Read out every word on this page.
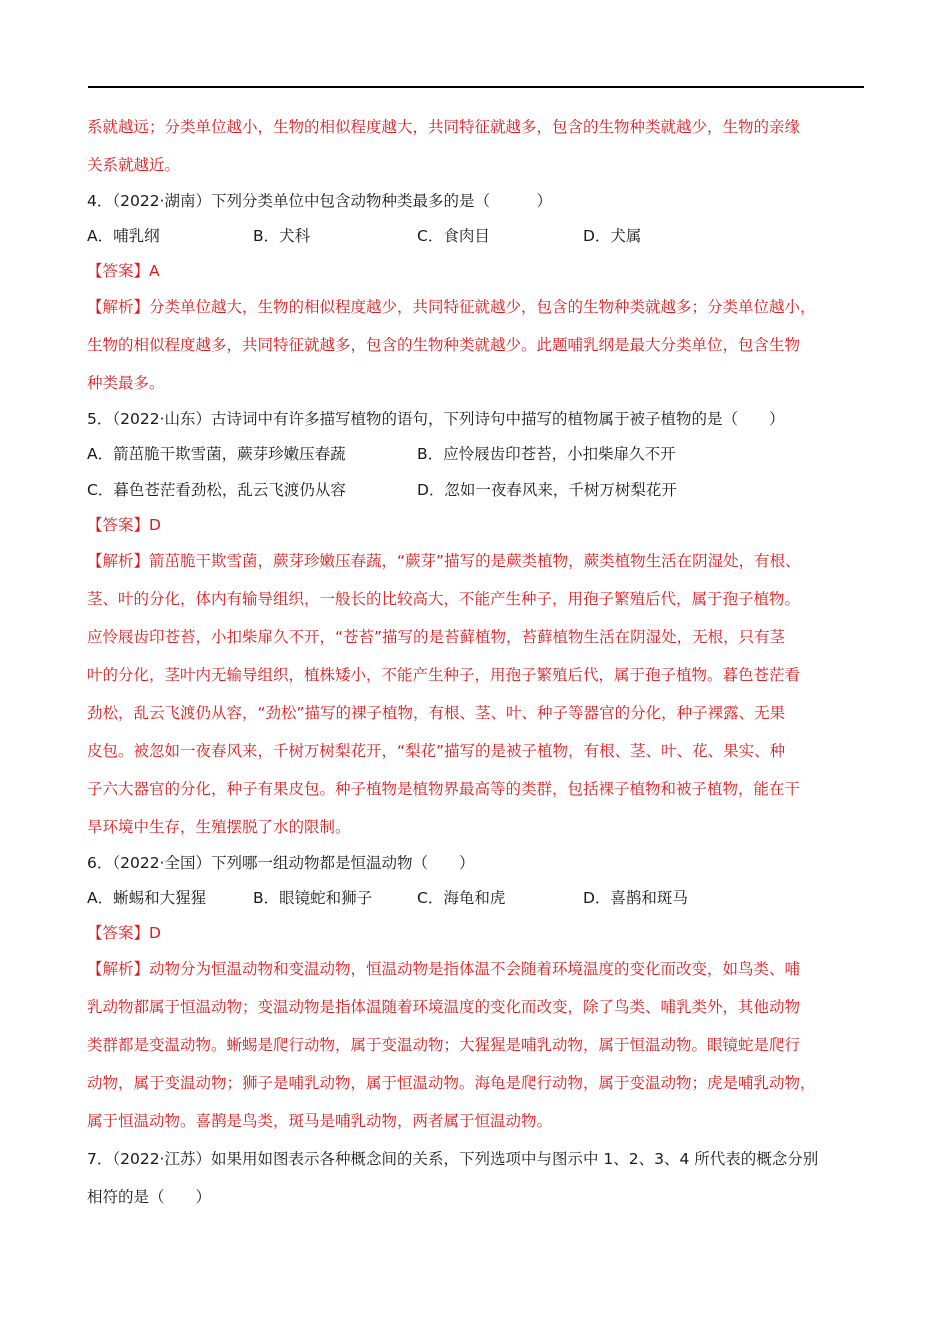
系就越远；分类单位越小，生物的相似程度越大，共同特征就越多，包含的生物种类就越少，生物的亲缘
关系就越近。
4．（2022·湖南）下列分类单位中包含动物种类最多的是（　　　）
A．哺乳纲	B．犬科	C．食肉目	D．犬属
【答案】A
【解析】分类单位越大，生物的相似程度越少，共同特征就越少，包含的生物种类就越多；分类单位越小，
生物的相似程度越多，共同特征就越多，包含的生物种类就越少。此题哺乳纲是最大分类单位，包含生物
种类最多。
5．（2022·山东）古诗词中有许多描写植物的语句，下列诗句中描写的植物属于被子植物的是（　　）
A．箭茁脆干欺雪菌，蕨芽珍嫩压春蔬	B．应怜屐齿印苍苔，小扣柴扉久不开
C．暮色苍茫看劲松，乱云飞渡仍从容	D．忽如一夜春风来，千树万树梨花开
【答案】D
【解析】箭茁脆干欺雪菌，蕨芽珍嫩压春蔬，“蕨芽”描写的是蕨类植物，蕨类植物生活在阴湿处，有根、
茎、叶的分化，体内有输导组织，一般长的比较高大，不能产生种子，用孢子繁殖后代，属于孢子植物。
应怜屐齿印苍苔，小扣柴扉久不开，“苍苔”描写的是苔藓植物，苔藓植物生活在阴湿处，无根，只有茎
叶的分化，茎叶内无输导组织，植株矮小，不能产生种子，用孢子繁殖后代，属于孢子植物。暮色苍茫看
劲松，乱云飞渡仍从容，“劲松”描写的裸子植物，有根、茎、叶、种子等器官的分化，种子裸露、无果
皮包。被忽如一夜春风来，千树万树梨花开，“梨花”描写的是被子植物，有根、茎、叶、花、果实、种
子六大器官的分化，种子有果皮包。种子植物是植物界最高等的类群，包括裸子植物和被子植物，能在干
旱环境中生存，生殖摆脱了水的限制。
6．（2022·全国）下列哪一组动物都是恒温动物（　　）
A．蜥蜴和大猩猩	B．眼镜蛇和狮子	C．海龟和虎	D．喜鹊和斑马
【答案】D
【解析】动物分为恒温动物和变温动物，恒温动物是指体温不会随着环境温度的变化而改变，如鸟类、哺
乳动物都属于恒温动物；变温动物是指体温随着环境温度的变化而改变，除了鸟类、哺乳类外，其他动物
类群都是变温动物。蜥蜴是爬行动物，属于变温动物；大猩猩是哺乳动物，属于恒温动物。眼镜蛇是爬行
动物，属于变温动物；狮子是哺乳动物，属于恒温动物。海龟是爬行动物，属于变温动物；虎是哺乳动物，
属于恒温动物。喜鹊是鸟类，斑马是哺乳动物，两者属于恒温动物。
7．（2022·江苏）如果用如图表示各种概念间的关系，下列选项中与图示中 1、2、3、4 所代表的概念分别
相符的是（　　）
